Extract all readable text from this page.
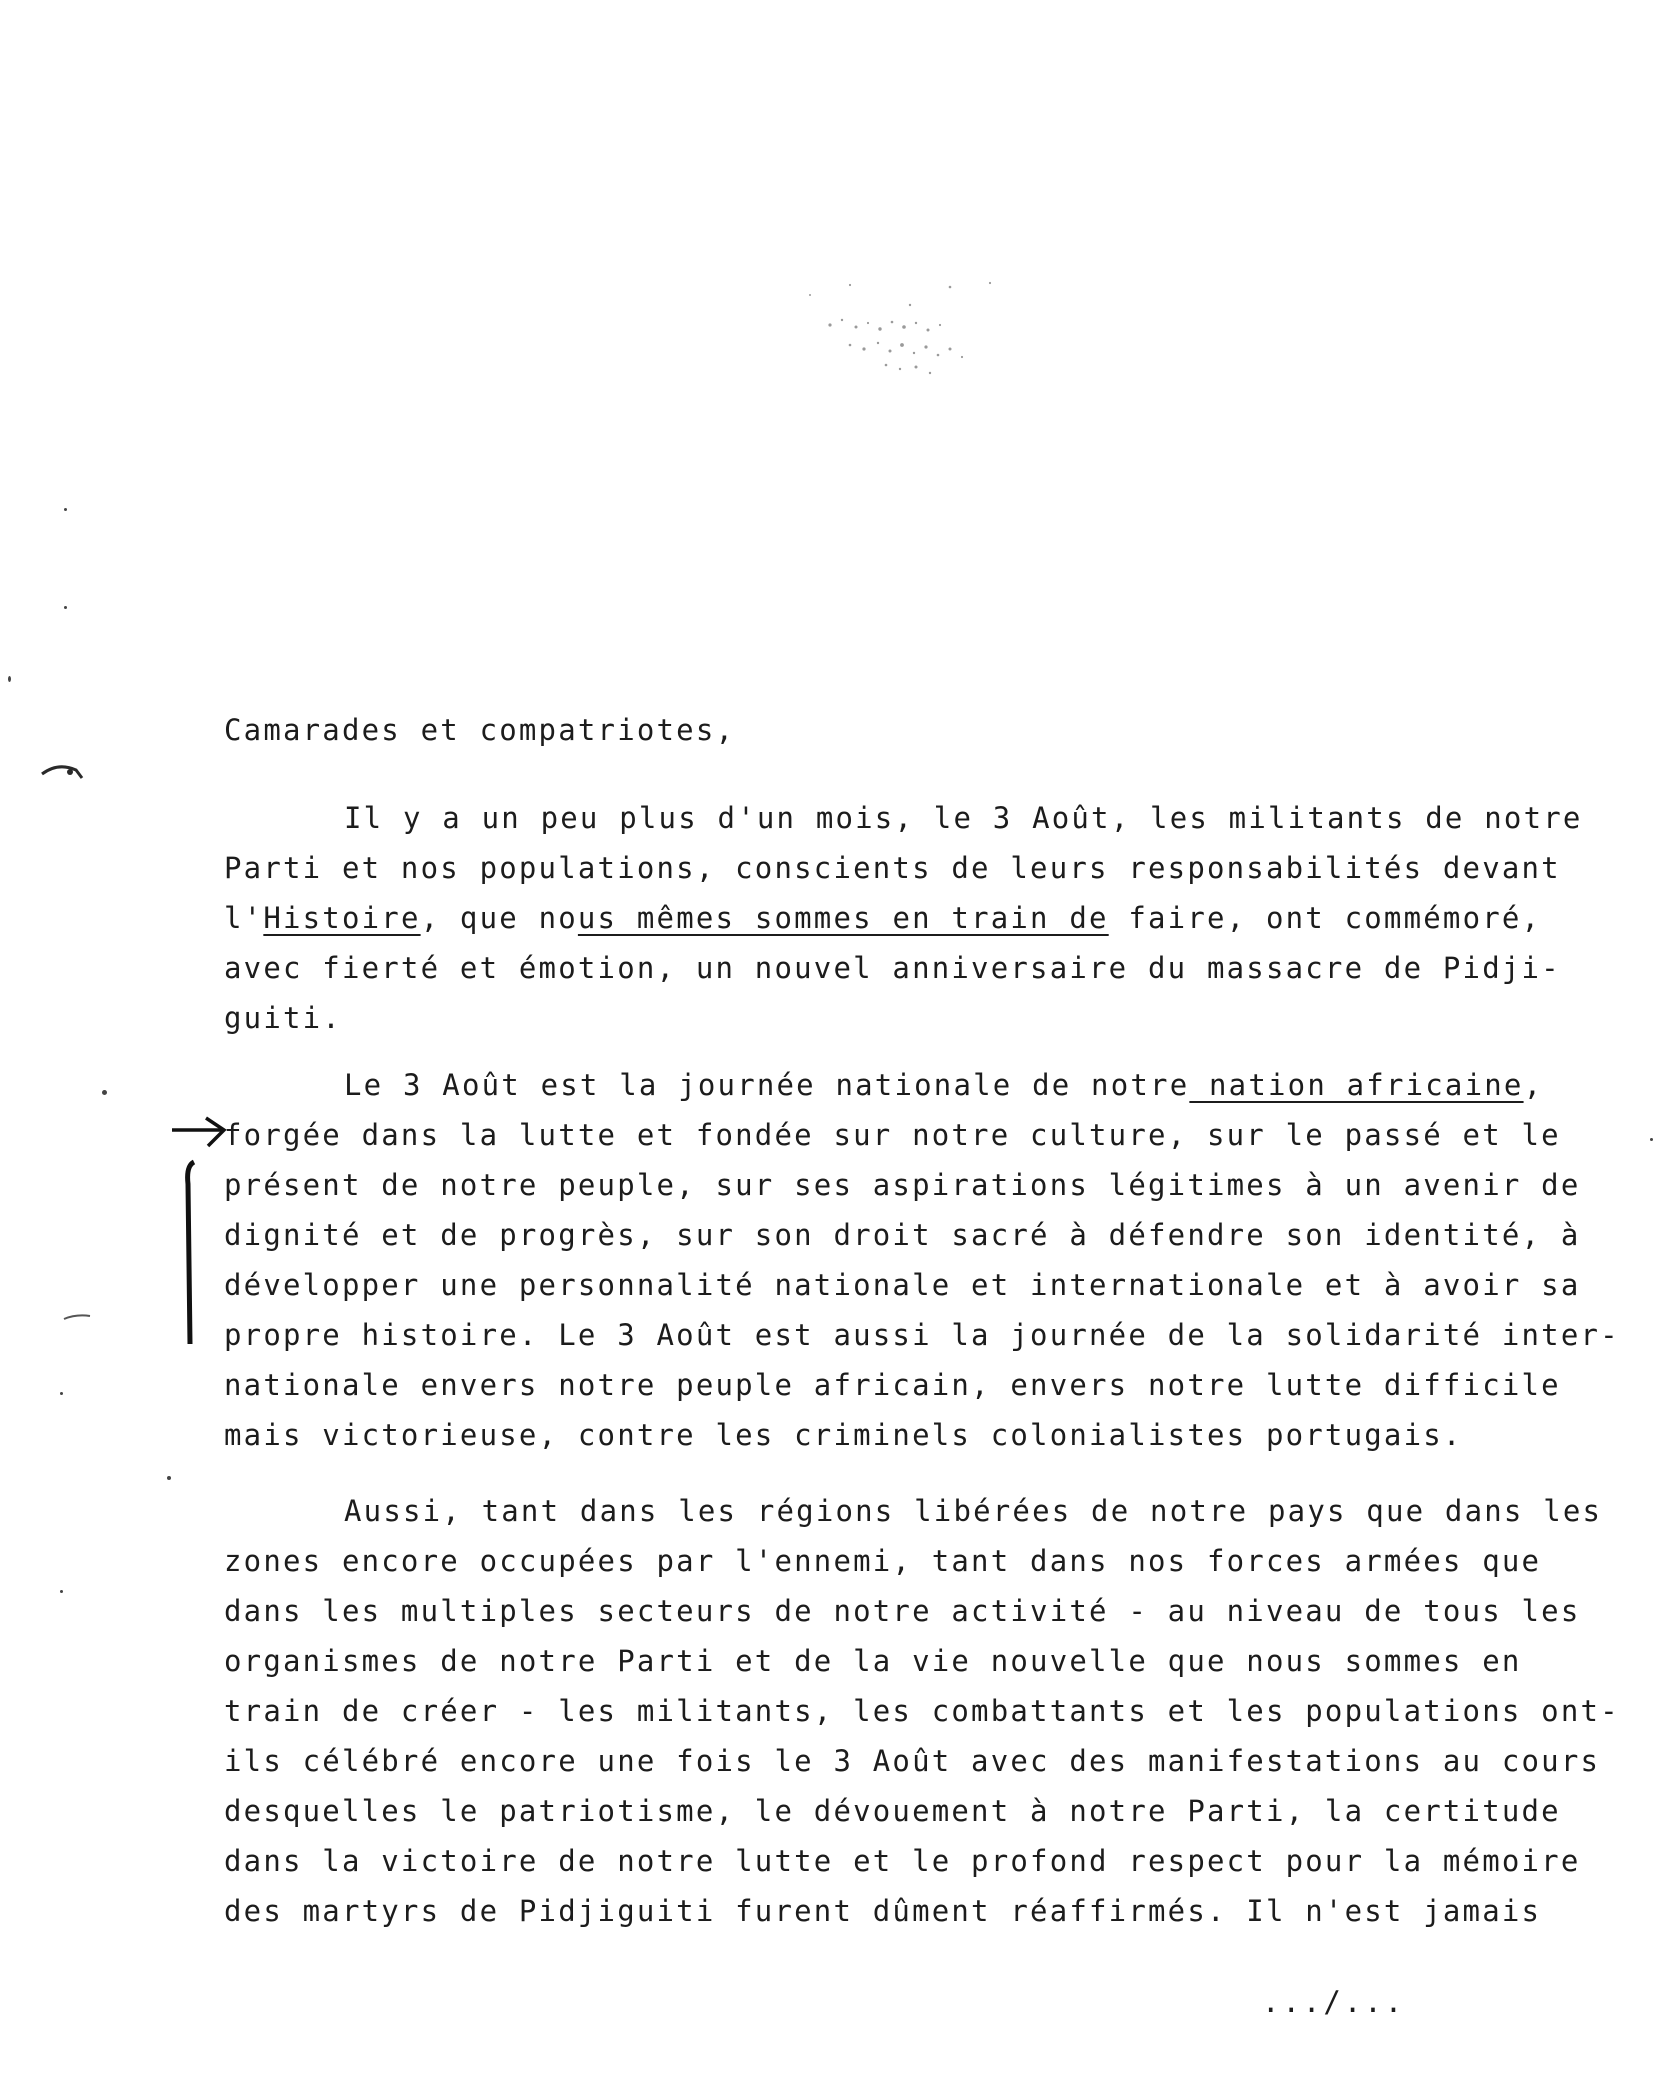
Camarades et compatriotes,
Il y a un peu plus d'un mois, le 3 Août, les militants de notre
Parti et nos populations, conscients de leurs responsabilités devant
l'Histoire, que nous mêmes sommes en train de faire, ont commémoré,
avec fierté et émotion, un nouvel anniversaire du massacre de Pidji-
guiti.
Le 3 Août est la journée nationale de notre nation africaine,
forgée dans la lutte et fondée sur notre culture, sur le passé et le
présent de notre peuple, sur ses aspirations légitimes à un avenir de
dignité et de progrès, sur son droit sacré à défendre son identité, à
développer une personnalité nationale et internationale et à avoir sa
propre histoire. Le 3 Août est aussi la journée de la solidarité inter-
nationale envers notre peuple africain, envers notre lutte difficile
mais victorieuse, contre les criminels colonialistes portugais.
Aussi, tant dans les régions libérées de notre pays que dans les
zones encore occupées par l'ennemi, tant dans nos forces armées que
dans les multiples secteurs de notre activité - au niveau de tous les
organismes de notre Parti et de la vie nouvelle que nous sommes en
train de créer - les militants, les combattants et les populations ont-
ils célébré encore une fois le 3 Août avec des manifestations au cours
desquelles le patriotisme, le dévouement à notre Parti, la certitude
dans la victoire de notre lutte et le profond respect pour la mémoire
des martyrs de Pidjiguiti furent dûment réaffirmés. Il n'est jamais
.../...
